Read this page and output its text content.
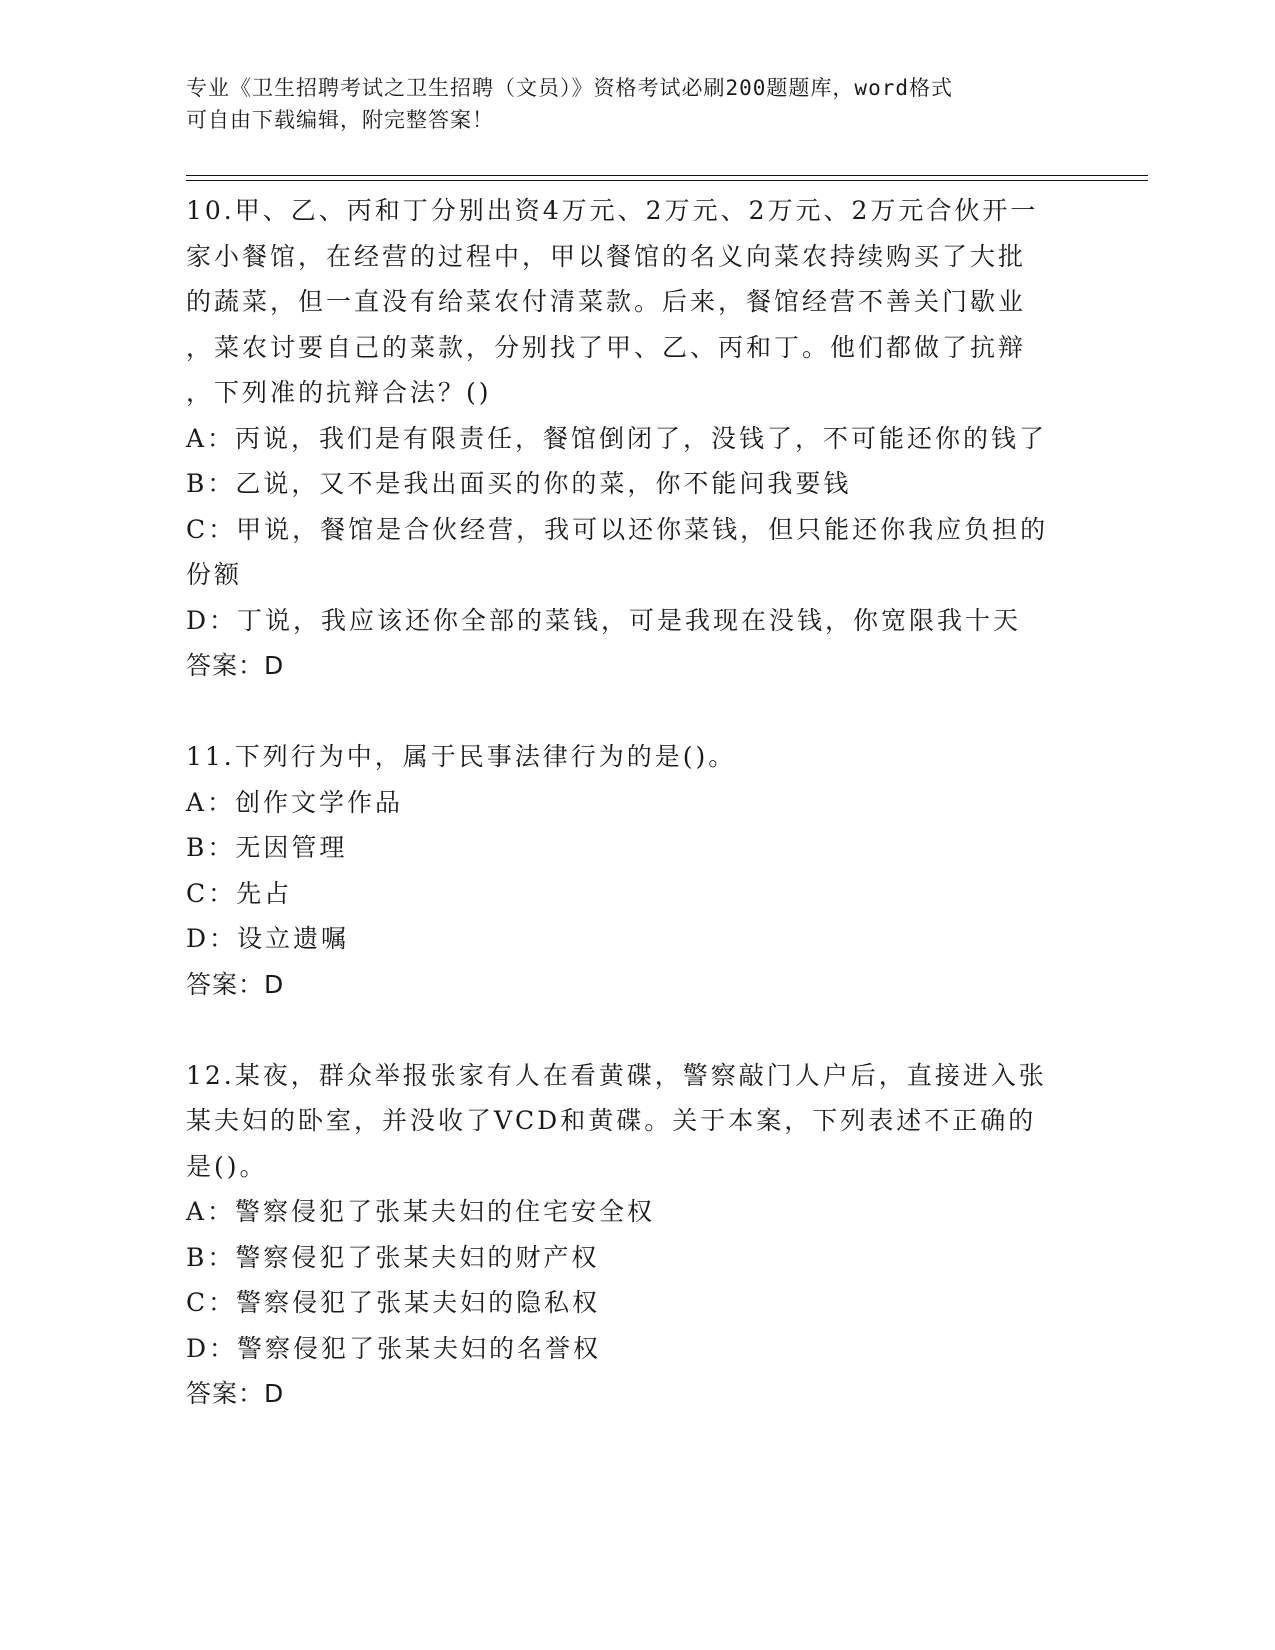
专业《卫生招聘考试之卫生招聘（文员）》资格考试必刷200题题库，word格式
可自由下载编辑，附完整答案！

10.甲、乙、丙和丁分别出资4万元、2万元、2万元、2万元合伙开一

家小餐馆，在经营的过程中，甲以餐馆的名义向菜农持续购买了大批

的蔬菜，但一直没有给菜农付清菜款。后来，餐馆经营不善关门歇业

，菜农讨要自己的菜款，分别找了甲、乙、丙和丁。他们都做了抗辩

，下列准的抗辩合法？()

A：丙说，我们是有限责任，餐馆倒闭了，没钱了，不可能还你的钱了

B：乙说，又不是我出面买的你的菜，你不能问我要钱

C：甲说，餐馆是合伙经营，我可以还你菜钱，但只能还你我应负担的

份额

D：丁说，我应该还你全部的菜钱，可是我现在没钱，你宽限我十天

答案：D

11.下列行为中，属于民事法律行为的是()。

A：创作文学作品

B：无因管理

C：先占

D：设立遗嘱

答案：D

12.某夜，群众举报张家有人在看黄碟，警察敲门人户后，直接进入张

某夫妇的卧室，并没收了VCD和黄碟。关于本案，下列表述不正确的

是()。

A：警察侵犯了张某夫妇的住宅安全权

B：警察侵犯了张某夫妇的财产权

C：警察侵犯了张某夫妇的隐私权

D：警察侵犯了张某夫妇的名誉权

答案：D
